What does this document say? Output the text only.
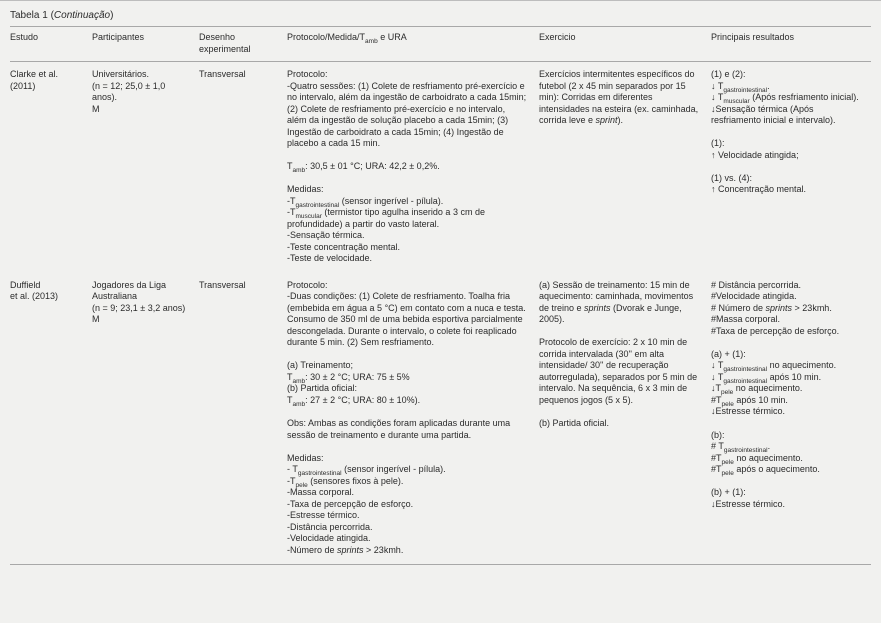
Tabela 1 (Continuação)
Estudo	Participantes	Desenho experimental	Protocolo/$Medida/T_{amb}$ e URA	Exercicio	Principais resultados
Clarke et al.
(2011)	Universitários.
(n = 12; 25,0 ± 1,0 anos).
M	Transversal	Protocolo:
-Quatro sessões: (1) Colete de resfriamento pré-exercício e no intervalo, além da ingestão de carboidrato a cada 15min; (2) Colete de resfriamento pré-exercício e no intervalo, além da ingestão de solução placebo a cada 15min; (3) Ingestão de carboidrato a cada 15min; (4) Ingestão de placebo a cada 15 min.

$T_{amb}$: 30,5 ± 01 °C; URA: 42,2 ± 0,2%.

Medidas:
$-T_{gastrointestinal}$ (sensor ingerível - pílula).
$-T_{muscular}$ (termistor tipo agulha inserido a 3 cm de profundidade) a partir do vasto lateral.
-Sensação térmica.
-Teste concentração mental.
-Teste de velocidade.	Exercícios intermitentes específicos do futebol (2 x 45 min separados por 15 min): Corridas em diferentes intensidades na esteira (ex. caminhada, corrida leve e sprint).	(1) e (2):
↓ $T_{gastrointestinal}$.
↓ $T_{muscular}$ (Após resfriamento inicial).
↓Sensação térmica (Após resfriamento inicial e intervalo).

(1):
↑ Velocidade atingida;

(1) vs. (4):
↑ Concentração mental.
Duffield
et al. (2013)	Jogadores da Liga Australiana
(n = 9; 23,1 ± 3,2 anos)
M	Transversal	Protocolo:
-Duas condições: (1) Colete de resfriamento. Toalha fria (embebida em água a 5 °C) em contato com a nuca e testa. Consumo de 350 ml de uma bebida esportiva parcialmente descongelada. Durante o intervalo, o colete foi reaplicado durante 5 min. (2) Sem resfriamento.

(a) Treinamento;
$T_{amb}$: 30 ± 2 °C; URA: 75 ± 5%
(b) Partida oficial:
$T_{amb}$: 27 ± 2 °C; URA: 80 ± 10%).

Obs: Ambas as condições foram aplicadas durante uma sessão de treinamento e durante uma partida.

Medidas:
- $T_{gastrointestinal}$ (sensor ingerível - pílula).
$-T_{pele}$ (sensores fixos à pele).
-Massa corporal.
-Taxa de percepção de esforço.
-Estresse térmico.
-Distância percorrida.
-Velocidade atingida.
-Número de sprints > 23kmh.	(a) Sessão de treinamento: 15 min de aquecimento: caminhada, movimentos de treino e sprints (Dvorak e Junge, 2005).

Protocolo de exercício: 2 x 10 min de corrida intervalada (30'' em alta intensidade/ 30'' de recuperação autorregulada), separados por 5 min de intervalo. Na sequência, 6 x 3 min de pequenos jogos (5 x 5).

(b) Partida oficial.	# Distância percorrida.
#Velocidade atingida.
# Número de sprints > 23kmh.
#Massa corporal.
#Taxa de percepção de esforço.

(a) + (1):
↓ $T_{gastrointestinal}$ no aquecimento.
↓ $T_{gastrointestinal}$ após 10 min.
$↓T_{pele}$ no aquecimento.
$\#T_{pele}$ após 10 min.
↓Estresse térmico.

(b):
# $T_{gastrointestinal}$.
$\#T_{pele}$ no aquecimento.
$\#T_{pele}$ após o aquecimento.

(b) + (1):
↓Estresse térmico.
